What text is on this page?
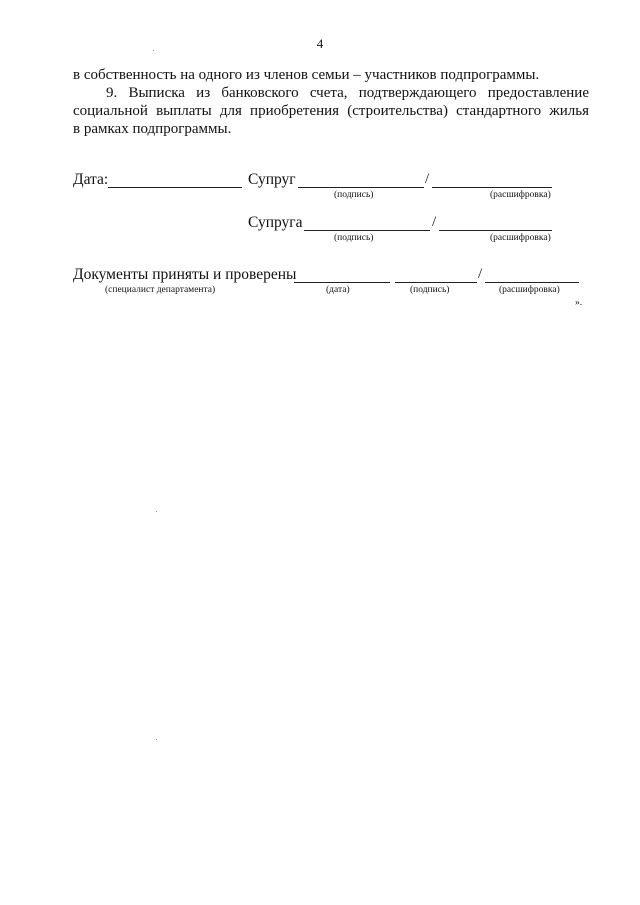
4
в собственность на одного из членов семьи – участников подпрограммы.
9. Выписка из банковского счета, подтверждающего предоставление
социальной выплаты для приобретения (строительства) стандартного жилья
в рамках подпрограммы.
Дата:	Супруг	/
(подпись)	(расшифровка)
Супруга	/
(подпись)	(расшифровка)
Документы приняты и проверены	/
(специалист департамента)	(дата)	(подпись)	(расшифровка)
».
